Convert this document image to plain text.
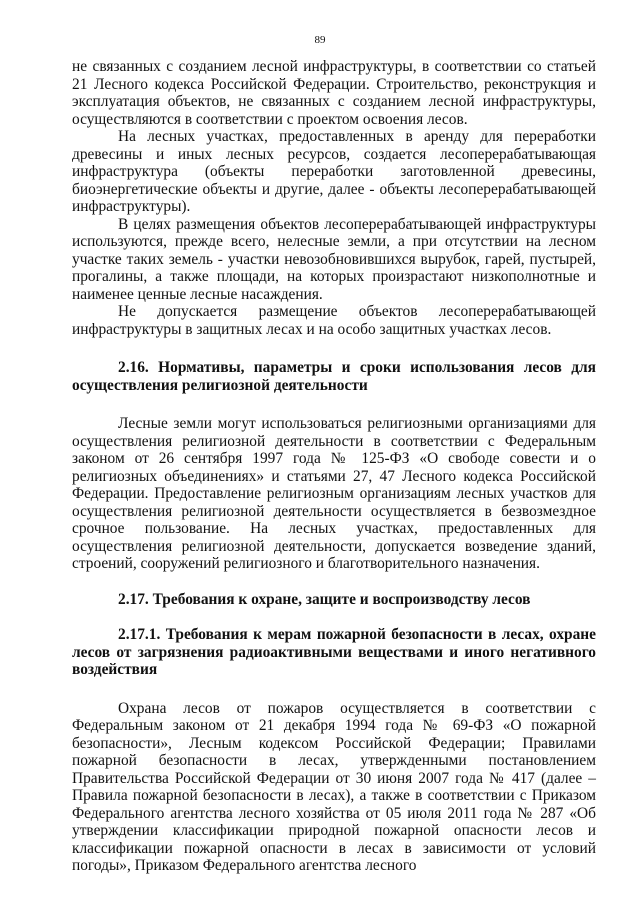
89

не связанных с созданием лесной инфраструктуры, в соответствии со статьей 21 Лесного кодекса Российской Федерации. Строительство, реконструкция и эксплуатация объектов, не связанных с созданием лесной инфраструктуры, осуществляются в соответствии с проектом освоения лесов.

На лесных участках, предоставленных в аренду для переработки древесины и иных лесных ресурсов, создается лесоперерабатывающая инфраструктура (объекты переработки заготовленной древесины, биоэнергетические объекты и другие, далее - объекты лесоперерабатывающей инфраструктуры).

В целях размещения объектов лесоперерабатывающей инфраструктуры используются, прежде всего, нелесные земли, а при отсутствии на лесном участке таких земель - участки невозобновившихся вырубок, гарей, пустырей, прогалины, а также площади, на которых произрастают низкополнотные и наименее ценные лесные насаждения.

Не допускается размещение объектов лесоперерабатывающей инфраструктуры в защитных лесах и на особо защитных участках лесов.

2.16. Нормативы, параметры и сроки использования лесов для осуществления религиозной деятельности

Лесные земли могут использоваться религиозными организациями для осуществления религиозной деятельности в соответствии с Федеральным законом от 26 сентября 1997 года № 125-ФЗ «О свободе совести и о религиозных объединениях» и статьями 27, 47 Лесного кодекса Российской Федерации. Предоставление религиозным организациям лесных участков для осуществления религиозной деятельности осуществляется в безвозмездное срочное пользование. На лесных участках, предоставленных для осуществления религиозной деятельности, допускается возведение зданий, строений, сооружений религиозного и благотворительного назначения.

2.17. Требования к охране, защите и воспроизводству лесов

2.17.1. Требования к мерам пожарной безопасности в лесах, охране лесов от загрязнения радиоактивными веществами и иного негативного воздействия

Охрана лесов от пожаров осуществляется в соответствии с Федеральным законом от 21 декабря 1994 года № 69-ФЗ «О пожарной безопасности», Лесным кодексом Российской Федерации; Правилами пожарной безопасности в лесах, утвержденными постановлением Правительства Российской Федерации от 30 июня 2007 года № 417 (далее – Правила пожарной безопасности в лесах), а также в соответствии с Приказом Федерального агентства лесного хозяйства от 05 июля 2011 года № 287 «Об утверждении классификации природной пожарной опасности лесов и классификации пожарной опасности в лесах в зависимости от условий погоды», Приказом Федерального агентства лесного
